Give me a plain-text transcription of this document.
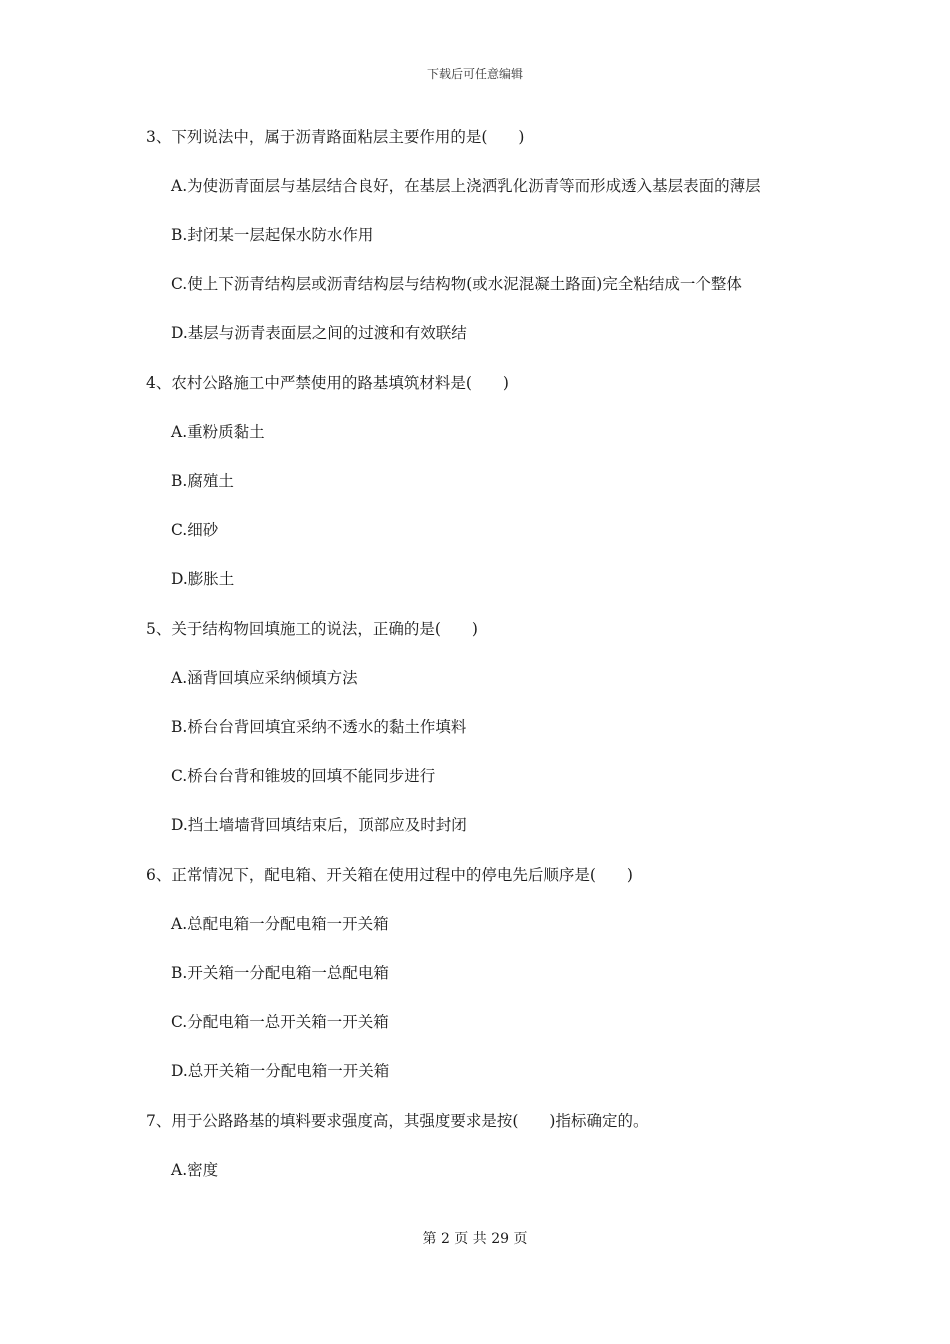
下载后可任意编辑
3、下列说法中，属于沥青路面粘层主要作用的是(　　)
A.为使沥青面层与基层结合良好，在基层上浇洒乳化沥青等而形成透入基层表面的薄层
B.封闭某一层起保水防水作用
C.使上下沥青结构层或沥青结构层与结构物(或水泥混凝土路面)完全粘结成一个整体
D.基层与沥青表面层之间的过渡和有效联结
4、农村公路施工中严禁使用的路基填筑材料是(　　)
A.重粉质黏土
B.腐殖土
C.细砂
D.膨胀土
5、关于结构物回填施工的说法，正确的是(　　)
A.涵背回填应采纳倾填方法
B.桥台台背回填宜采纳不透水的黏土作填料
C.桥台台背和锥坡的回填不能同步进行
D.挡土墙墙背回填结束后，顶部应及时封闭
6、正常情况下，配电箱、开关箱在使用过程中的停电先后顺序是(　　)
A.总配电箱一分配电箱一开关箱
B.开关箱一分配电箱一总配电箱
C.分配电箱一总开关箱一开关箱
D.总开关箱一分配电箱一开关箱
7、用于公路路基的填料要求强度高，其强度要求是按(　　)指标确定的。
A.密度
第 2 页 共 29 页
